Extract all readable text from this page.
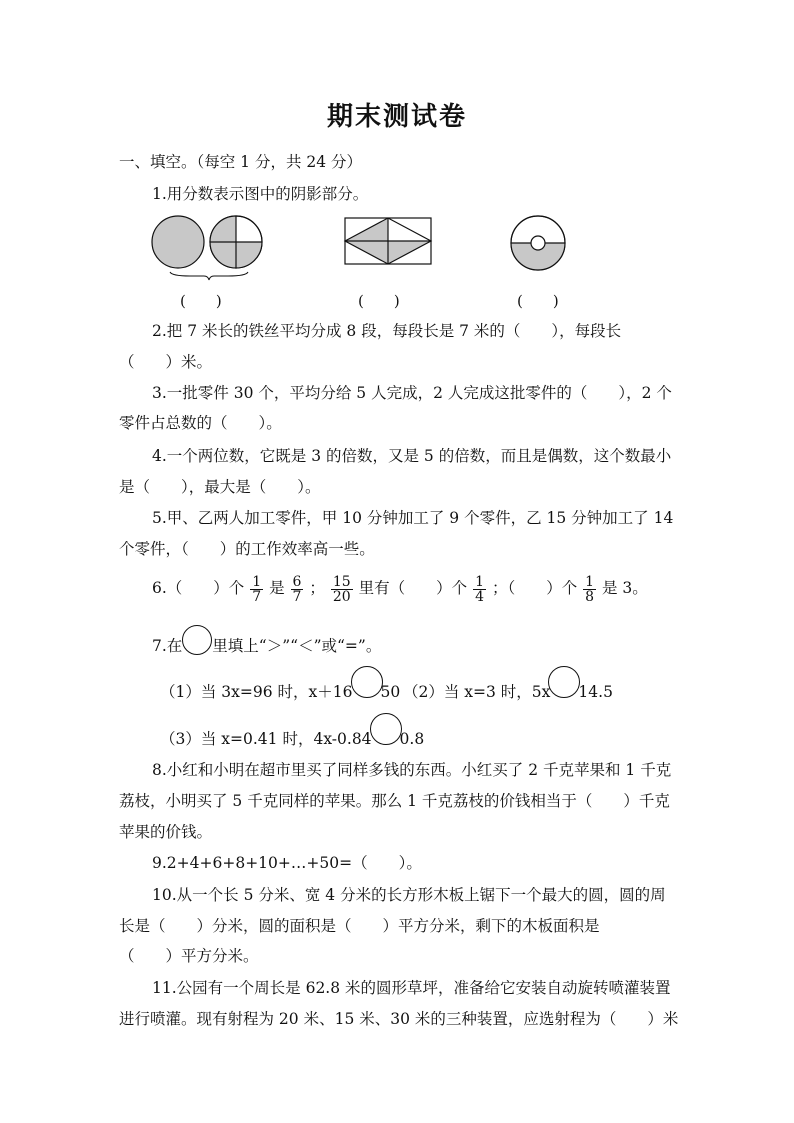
期末测试卷
一、填空。（每空 1 分，共 24 分）
1.用分数表示图中的阴影部分。
(　　)	(　　)	(　　)
2.把 7 米长的铁丝平均分成 8 段，每段长是 7 米的（　　），每段长
（　　）米。
3.一批零件 30 个，平均分给 5 人完成，2 人完成这批零件的（　　），2 个
零件占总数的（　　）。
4.一个两位数，它既是 3 的倍数，又是 5 的倍数，而且是偶数，这个数最小
是（　　），最大是（　　）。
5.甲、乙两人加工零件，甲 10 分钟加工了 9 个零件，乙 15 分钟加工了 14
个零件，（　　）的工作效率高一些。
6.（　　）个 $\frac{1}{7}$ 是 $\frac{6}{7}$ ； $\frac{15}{20}$ 里有（　　）个 $\frac{1}{4}$ ；（　　）个 $\frac{1}{8}$ 是 3。
7.在 里填上“＞”“＜”或“=”。
（1）当 3x=96 时，x＋16 50 （2）当 x=3 时，5x 14.5
（3）当 x=0.41 时，4x-0.84 0.8
8.小红和小明在超市里买了同样多钱的东西。小红买了 2 千克苹果和 1 千克
荔枝，小明买了 5 千克同样的苹果。那么 1 千克荔枝的价钱相当于（　　）千克
苹果的价钱。
9.2+4+6+8+10+…+50=（　　）。
10.从一个长 5 分米、宽 4 分米的长方形木板上锯下一个最大的圆，圆的周
长是（　　）分米，圆的面积是（　　）平方分米，剩下的木板面积是
（　　）平方分米。
11.公园有一个周长是 62.8 米的圆形草坪，准备给它安装自动旋转喷灌装置
进行喷灌。现有射程为 20 米、15 米、30 米的三种装置，应选射程为（　　）米
